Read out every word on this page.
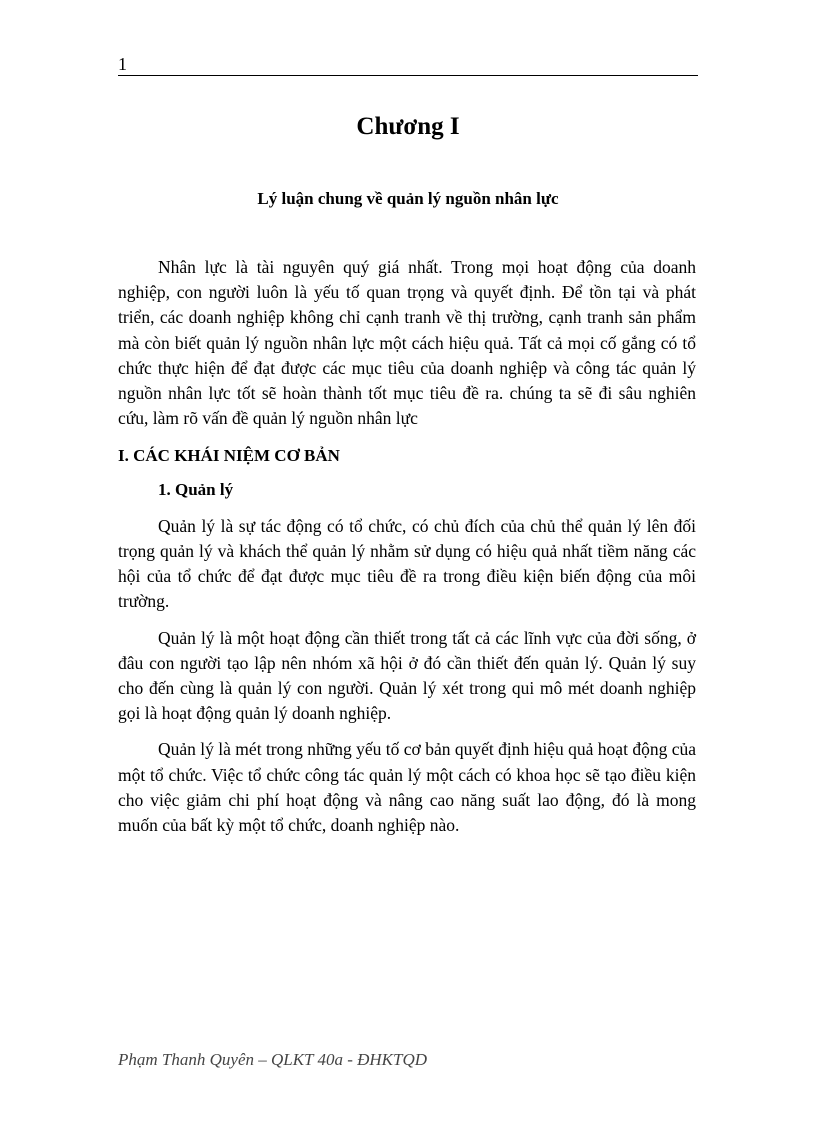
1
Chương I
Lý luận chung về quản lý nguồn nhân lực

Nhân lực là tài nguyên quý giá nhất. Trong mọi hoạt động của doanh nghiệp, con người luôn là yếu tố quan trọng và quyết định. Để tồn tại và phát triển, các doanh nghiệp không chỉ cạnh tranh về thị trường, cạnh tranh sản phẩm mà còn biết quản lý nguồn nhân lực một cách hiệu quả. Tất cả mọi cố gắng có tổ chức thực hiện để đạt được các mục tiêu của doanh nghiệp và công tác quản lý nguồn nhân lực tốt sẽ hoàn thành tốt mục tiêu đề ra. chúng ta sẽ đi sâu nghiên cứu, làm rõ vấn đề quản lý nguồn nhân lực

I. CÁC KHÁI NIỆM CƠ BẢN

1. Quản lý

Quản lý là sự tác động có tổ chức, có chủ đích của chủ thể quản lý lên đối trọng quản lý và khách thể quản lý nhằm sử dụng có hiệu quả nhất tiềm năng các hội của tổ chức để đạt được mục tiêu đề ra trong điều kiện biến động của môi trường.

Quản lý là một hoạt động cần thiết trong tất cả các lĩnh vực của đời sống, ở đâu con người tạo lập nên nhóm xã hội ở đó cần thiết đến quản lý. Quản lý suy cho đến cùng là quản lý con người. Quản lý xét trong qui mô mét doanh nghiệp gọi là hoạt động quản lý doanh nghiệp.

Quản lý là mét trong những yếu tố cơ bản quyết định hiệu quả hoạt động của một tổ chức. Việc tổ chức công tác quản lý một cách có khoa học sẽ tạo điều kiện cho việc giảm chi phí hoạt động và nâng cao năng suất lao động, đó là mong muốn của bất kỳ một tổ chức, doanh nghiệp nào.

Phạm Thanh Quyên – QLKT 40a - ĐHKTQD
